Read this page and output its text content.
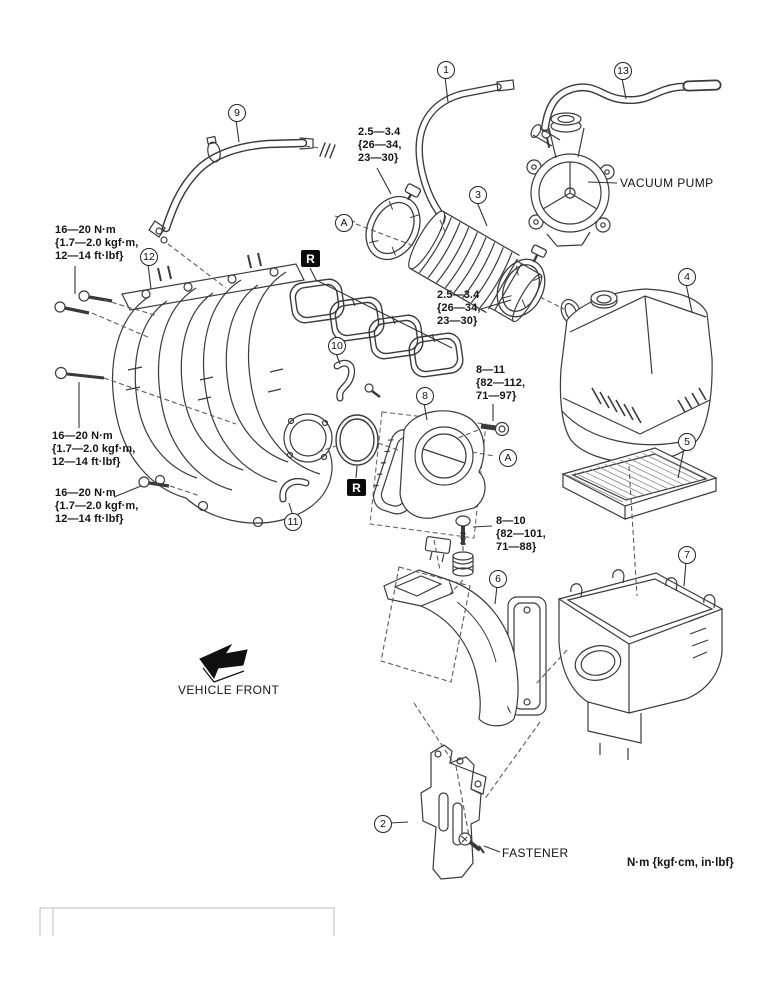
1
2
3
4
5
6
7
8
9
10
11
12
13
A
A
R
R
2.5—3.4
{26—34,
23—30}
16—20 N·m
{1.7—2.0 kgf·m,
12—14 ft·lbf}
2.5—3.4
{26—34,
23—30}
16—20 N·m
{1.7—2.0 kgf·m,
12—14 ft·lbf}
8—11
{82—112,
71—97}
16—20 N·m
{1.7—2.0 kgf·m,
12—14 ft·lbf}	8—10
{82—101,
71—88}
VACUUM PUMP
VEHICLE FRONT
FASTENER
N·m {kgf·cm, in·lbf}
